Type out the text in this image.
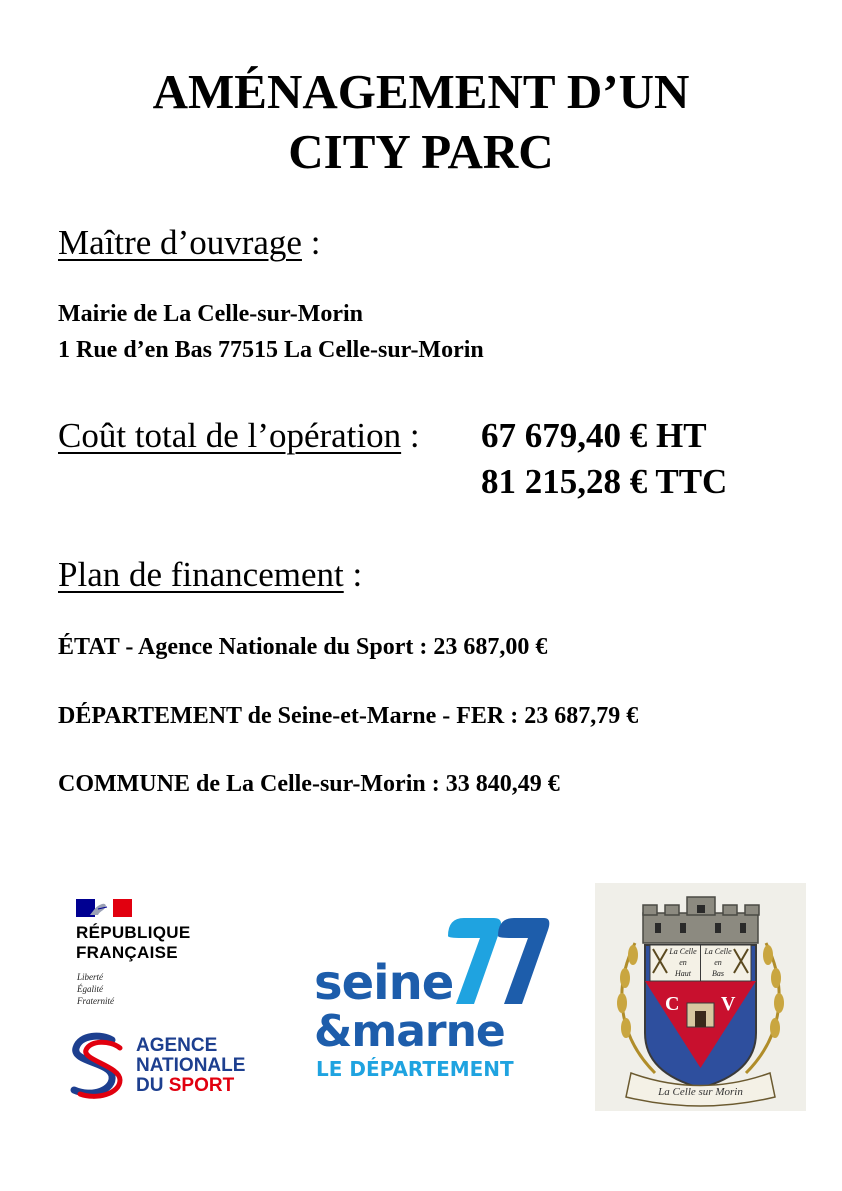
AMÉNAGEMENT D’UN
CITY PARC
Maître d’ouvrage :
Mairie de La Celle-sur-Morin
1 Rue d’en Bas 77515 La Celle-sur-Morin
Coût total de l’opération : 67 679,40 € HT
81 215,28 € TTC
Plan de financement :
ÉTAT - Agence Nationale du Sport : 23 687,00 €
DÉPARTEMENT de Seine-et-Marne - FER : 23 687,79 €
COMMUNE de La Celle-sur-Morin : 33 840,49 €
RÉPUBLIQUE
FRANÇAISE
Liberté
Égalité
Fraternité
AGENCE
NATIONALE
DU SPORT
seine
&marne
LE DÉPARTEMENT
C V
La Celle
en
Haut
La Celle
en
Bas
La Celle sur Morin
